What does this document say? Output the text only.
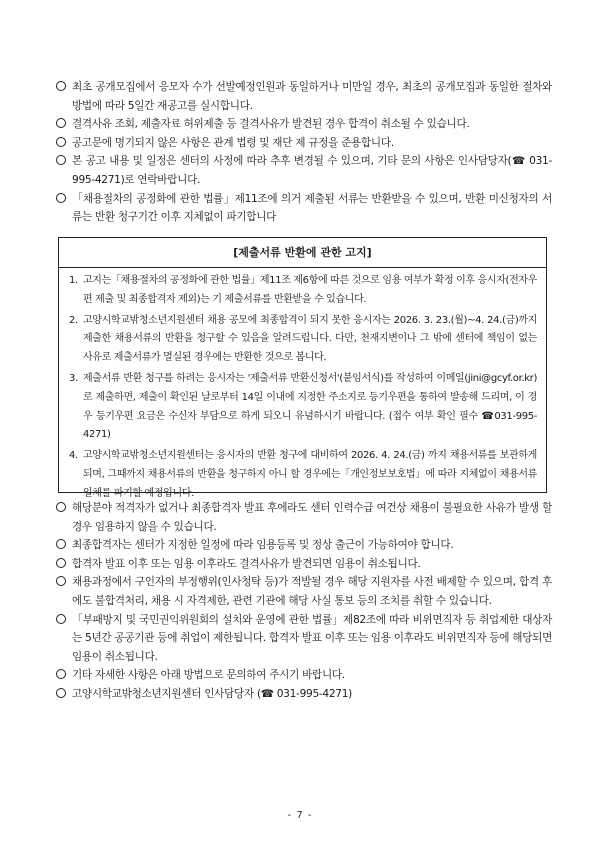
최초 공개모집에서 응모자 수가 선발예정인원과 동일하거나 미만일 경우, 최초의 공개모집과 동일한 절차와 방법에 따라 5일간 재공고를 실시합니다.

결격사유 조회, 제출자료 허위제출 등 결격사유가 발견된 경우 합격이 취소될 수 있습니다.

공고문에 명기되지 않은 사항은 관계 법령 및 재단 제 규정을 준용합니다.

본 공고 내용 및 일정은 센터의 사정에 따라 추후 변경될 수 있으며, 기타 문의 사항은 인사담당자(☎ 031-995-4271)로 연락바랍니다.

「채용절차의 공정화에 관한 법률」제11조에 의거 제출된 서류는 반환받을 수 있으며, 반환 미신청자의 서류는 반환 청구기간 이후 지체없이 파기합니다

[제출서류 반환에 관한 고지]

1. 고지는「채용절차의 공정화에 관한 법률」제11조 제6항에 따른 것으로 임용 여부가 확정 이후 응시자(전자우편 제출 및 최종합격자 제외)는 기 제출서류를 반환받을 수 있습니다.

2. 고양시학교밖청소년지원센터 채용 공모에 최종합격이 되지 못한 응시자는 2026. 3. 23.(월)~4. 24.(금)까지 제출한 채용서류의 반환을 청구할 수 있음을 알려드립니다. 다만, 천재지변이나 그 밖에 센터에 책임이 없는 사유로 제출서류가 멸실된 경우에는 반환한 것으로 봅니다.

3. 제출서류 반환 청구를 하려는 응시자는 '제출서류 반환신청서'(붙임서식)를 작성하여 이메일(jini@gcyf.or.kr)로 제출하면, 제출이 확인된 날로부터 14일 이내에 지정한 주소지로 등기우편을 통하여 발송해 드리며, 이 경우 등기우편 요금은 수신자 부담으로 하게 되오니 유념하시기 바랍니다. (접수 여부 확인 필수 ☎031-995-4271)

4. 고양시학교밖청소년지원센터는 응시자의 반환 청구에 대비하여 2026. 4. 24.(금) 까지 채용서류를 보관하게 되며, 그때까지 채용서류의 반환을 청구하지 아니 할 경우에는「개인정보보호법」에 따라 지체없이 채용서류 일체를 파기할 예정입니다.

해당분야 적격자가 없거나 최종합격자 발표 후에라도 센터 인력수급 여건상 채용이 불필요한 사유가 발생 할 경우 임용하지 않을 수 있습니다.

최종합격자는 센터가 지정한 일정에 따라 임용등록 및 정상 출근이 가능하여야 합니다.

합격자 발표 이후 또는 임용 이후라도 결격사유가 발견되면 임용이 취소됩니다.

채용과정에서 구인자의 부정행위(인사청탁 등)가 적발될 경우 해당 지원자를 사전 배제할 수 있으며, 합격 후에도 불합격처리, 채용 시 자격제한, 관련 기관에 해당 사실 통보 등의 조치를 취할 수 있습니다.

「부패방지 및 국민권익위원회의 설치와 운영에 관한 법률」제82조에 따라 비위면직자 등 취업제한 대상자는 5년간 공공기관 등에 취업이 제한됩니다. 합격자 발표 이후 또는 임용 이후라도 비위면직자 등에 해당되면 임용이 취소됩니다.

기타 자세한 사항은 아래 방법으로 문의하여 주시기 바랍니다.

고양시학교밖청소년지원센터 인사담당자 (☎ 031-995-4271)

- 7 -
